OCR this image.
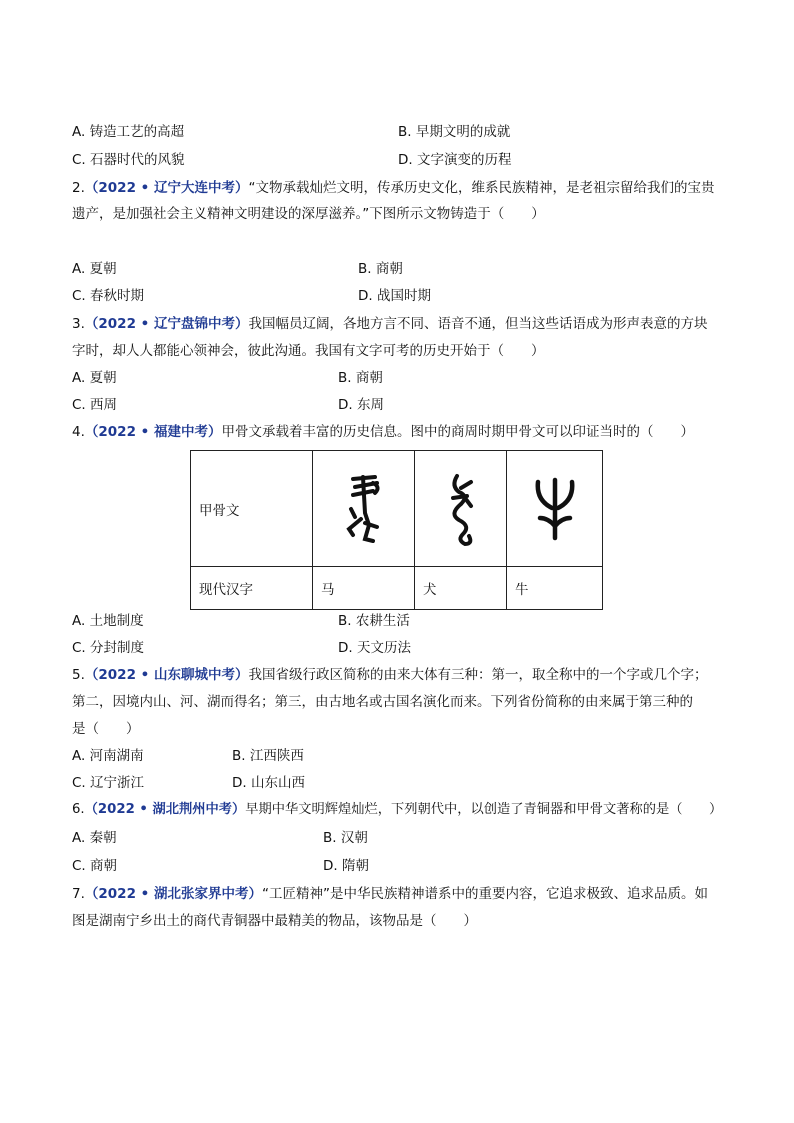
A. 铸造工艺的高超	B. 早期文明的成就
C. 石器时代的风貌	D. 文字演变的历程
2.（2022 • 辽宁大连中考）“文物承载灿烂文明，传承历史文化，维系民族精神，是老祖宗留给我们的宝贵
遗产，是加强社会主义精神文明建设的深厚滋养。”下图所示文物铸造于（　　）
A. 夏朝	B. 商朝
C. 春秋时期	D. 战国时期
3.（2022 • 辽宁盘锦中考）我国幅员辽阔，各地方言不同、语音不通，但当这些话语成为形声表意的方块
字时，却人人都能心领神会，彼此沟通。我国有文字可考的历史开始于（　　）
A. 夏朝	B. 商朝
C. 西周	D. 东周
4.（2022 • 福建中考）甲骨文承载着丰富的历史信息。图中的商周时期甲骨文可以印证当时的（　　）
甲骨文	

现代汉字	马	犬	牛
A. 土地制度	B. 农耕生活
C. 分封制度	D. 天文历法
5.（2022 • 山东聊城中考）我国省级行政区简称的由来大体有三种：第一，取全称中的一个字或几个字；
第二，因境内山、河、湖而得名；第三，由古地名或古国名演化而来。下列省份简称的由来属于第三种的
是（　　）
A. 河南湖南	B. 江西陕西
C. 辽宁浙江	D. 山东山西
6.（2022 • 湖北荆州中考）早期中华文明辉煌灿烂，下列朝代中，以创造了青铜器和甲骨文著称的是（　　）
A. 秦朝	B. 汉朝
C. 商朝	D. 隋朝
7.（2022 • 湖北张家界中考）“工匠精神”是中华民族精神谱系中的重要内容，它追求极致、追求品质。如
图是湖南宁乡出土的商代青铜器中最精美的物品，该物品是（　　）
